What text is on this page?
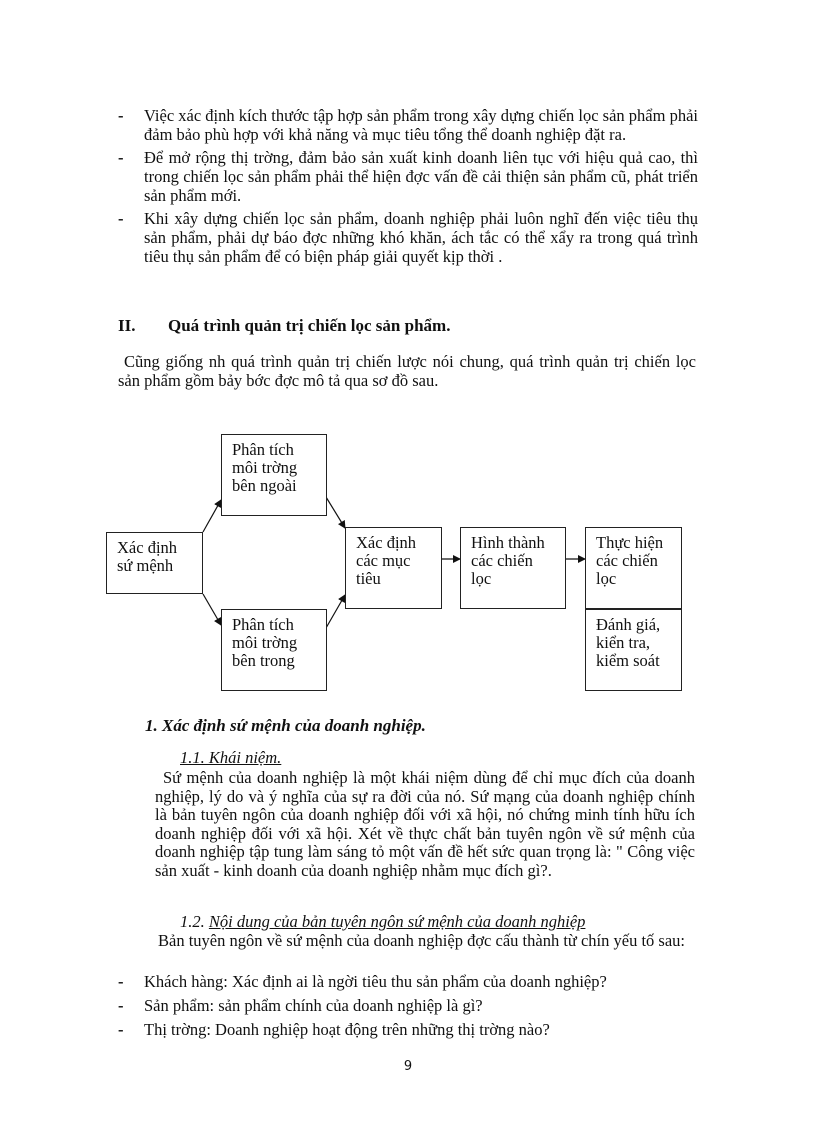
- Việc xác định kích thước tập hợp sản phẩm trong xây dựng chiến lọc sản phẩm phải đảm bảo phù hợp với khả năng và mục tiêu tổng thể doanh nghiệp đặt ra.
- Để mở rộng thị trờng, đảm bảo sản xuất kinh doanh liên tục với hiệu quả cao, thì trong chiến lọc sản phẩm phải thể hiện đợc vấn đề cải thiện sản phẩm cũ, phát triển sản phẩm mới.
- Khi xây dựng chiến lọc sản phẩm, doanh nghiệp phải luôn nghĩ đến việc tiêu thụ sản phẩm, phải dự báo đợc những khó khăn, ách tắc có thể xẩy ra trong quá trình tiêu thụ sản phẩm để có biện pháp giải quyết kịp thời .
II. Quá trình quản trị chiến lọc sản phẩm.

Cũng giống nh quá trình quản trị chiến lược nói chung, quá trình quản trị chiến lọc sản phẩm gồm bảy bớc đợc mô tả qua sơ đồ sau.

Xác định sứ mệnh
Phân tích môi trờng bên ngoài
Phân tích môi trờng bên trong
Xác định các mục tiêu
Hình thành các chiến lọc
Thực hiện các chiến lọc
Đánh giá, kiển tra, kiểm soát
1. Xác định sứ mệnh của doanh nghiệp.
1.1. Khái niệm.

Sứ mệnh của doanh nghiệp là một khái niệm dùng để chỉ mục đích của doanh nghiệp, lý do và ý nghĩa của sự ra đời của nó. Sứ mạng của doanh nghiệp chính là bản tuyên ngôn của doanh nghiệp đối với xã hội, nó chứng minh tính hữu ích doanh nghiệp đối với xã hội. Xét về thực chất bản tuyên ngôn về sứ mệnh của doanh nghiệp tập tung làm sáng tỏ một vấn đề hết sức quan trọng là: " Công việc sản xuất - kinh doanh của doanh nghiệp nhằm mục đích gì?.

1.2. Nội dung của bản tuyên ngôn sứ mệnh của doanh nghiệp

Bản tuyên ngôn về sứ mệnh của doanh nghiệp đợc cấu thành từ chín yếu tố sau:

- Khách hàng: Xác định ai là ngời tiêu thu sản phẩm của doanh nghiệp?
- Sản phẩm: sản phẩm chính của doanh nghiệp là gì?
- Thị trờng: Doanh nghiệp hoạt động trên những thị trờng nào?
9
